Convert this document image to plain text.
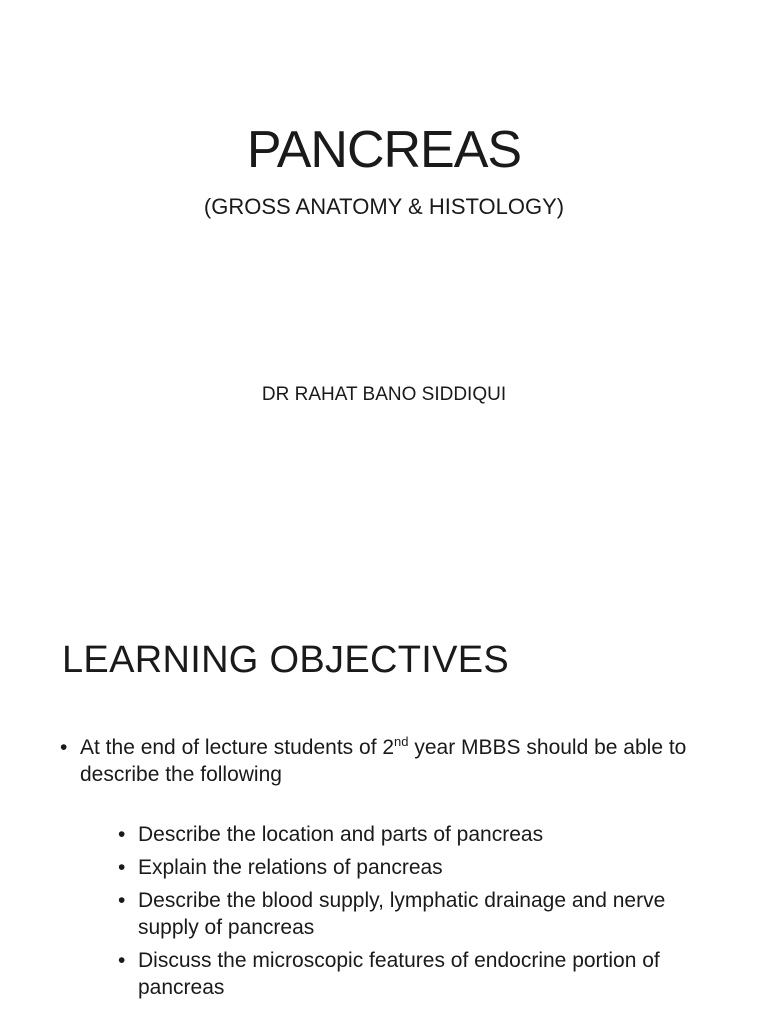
PANCREAS
(GROSS ANATOMY & HISTOLOGY)
DR RAHAT BANO SIDDIQUI
LEARNING OBJECTIVES
• At the end of lecture students of 2nd year MBBS should be able to describe the following
• Describe the location and parts of pancreas
• Explain the relations of pancreas
• Describe the blood supply, lymphatic drainage and nerve supply of pancreas
• Discuss the microscopic features of endocrine portion of pancreas
